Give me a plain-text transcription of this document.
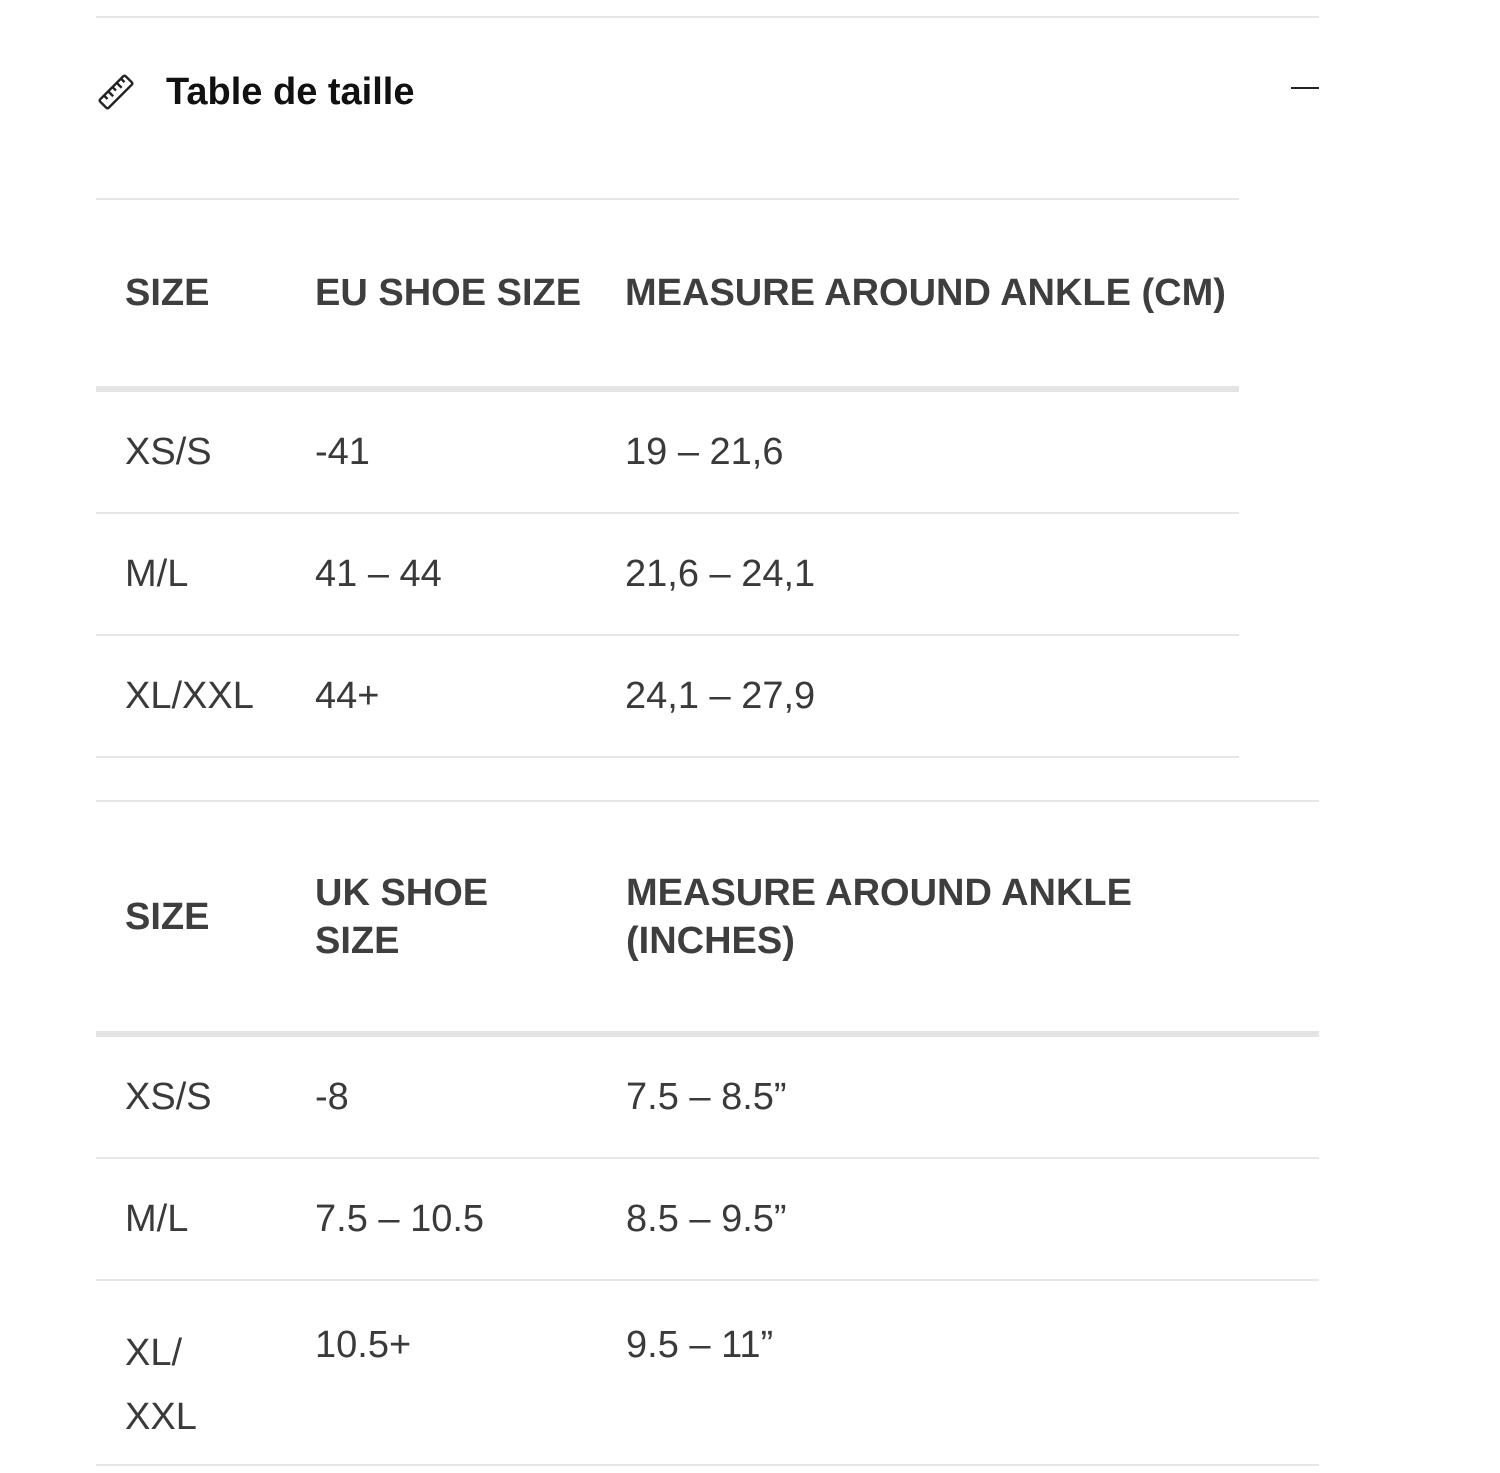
Table de taille
SIZE	EU SHOE SIZE	MEASURE AROUND ANKLE (CM)
XS/S	-41	19 – 21,6
M/L	41 – 44	21,6 – 24,1
XL/XXL	44+	24,1 – 27,9
SIZE	UK SHOE SIZE	MEASURE AROUND ANKLE (INCHES)	
XS/S	-8	7.5 – 8.5”	
M/L	7.5 – 10.5	8.5 – 9.5”	

XL/XXL	10.5+	9.5 – 11”	
